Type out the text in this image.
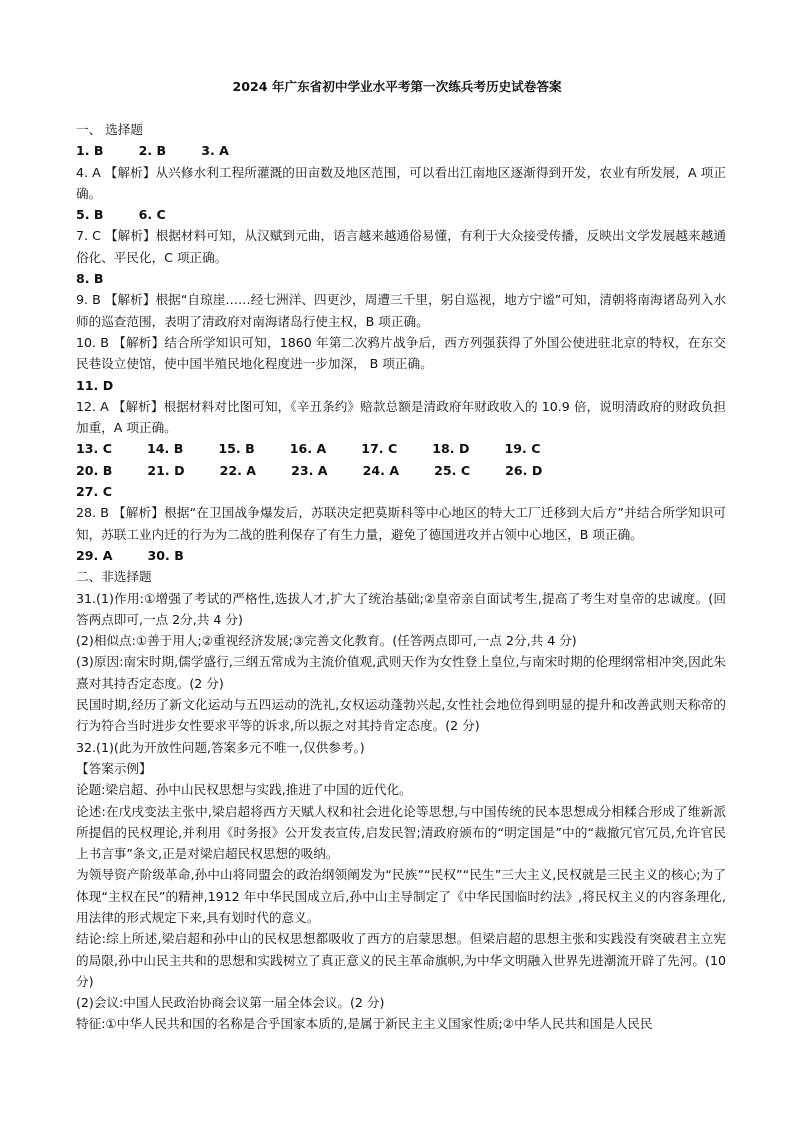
2024 年广东省初中学业水平考第一次练兵考历史试卷答案
一、 选择题
1. B        2. B        3. A

4. A 【解析】从兴修水利工程所灌溉的田亩数及地区范围，可以看出江南地区逐渐得到开发，农业有所发展，A 项正确。

5. B        6. C

7. C 【解析】根据材料可知，从汉赋到元曲，语言越来越通俗易懂，有利于大众接受传播，反映出文学发展越来越通俗化、平民化，C 项正确。

8. B

9. B 【解析】根据“自琼崖……经七洲洋、四更沙，周遭三千里，躬自巡视，地方宁谧”可知，清朝将南海诸岛列入水师的巡查范围，表明了清政府对南海诸岛行使主权，B 项正确。

10. B 【解析】结合所学知识可知，1860 年第二次鸦片战争后，西方列强获得了外国公使进驻北京的特权，在东交民巷设立使馆，使中国半殖民地化程度进一步加深， B 项正确。

11. D

12. A 【解析】根据材料对比图可知，《辛丑条约》赔款总额是清政府年财政收入的 10.9 倍，说明清政府的财政负担加重，A 项正确。

13. C        14. B        15. B        16. A        17. C        18. D        19. C
20. B        21. D        22. A        23. A        24. A        25. C        26. D
27. C

28. B 【解析】根据“在卫国战争爆发后，苏联决定把莫斯科等中心地区的特大工厂迁移到大后方”并结合所学知识可知，苏联工业内迁的行为为二战的胜利保存了有生力量，避免了德国进攻并占领中心地区，B 项正确。

29. A        30. B
二、非选择题

31.(1)作用:①增强了考试的严格性,选拔人才,扩大了统治基础;②皇帝亲自面试考生,提高了考生对皇帝的忠诚度。(回答两点即可,一点 2分,共 4 分)

(2)相似点:①善于用人;②重视经济发展;③完善文化教育。(任答两点即可,一点 2分,共 4 分)

(3)原因:南宋时期,儒学盛行,三纲五常成为主流价值观,武则天作为女性登上皇位,与南宋时期的伦理纲常相冲突,因此朱熹对其持否定态度。(2 分)

民国时期,经历了新文化运动与五四运动的洗礼,女权运动蓬勃兴起,女性社会地位得到明显的提升和改善武则天称帝的行为符合当时进步女性要求平等的诉求,所以振之对其持肯定态度。(2 分)

32.(1)(此为开放性问题,答案多元不唯一,仅供参考。)

【答案示例】

论题:梁启超、孙中山民权思想与实践,推进了中国的近代化。

论述:在戊戌变法主张中,梁启超将西方天赋人权和社会进化论等思想,与中国传统的民本思想成分相糅合形成了维新派所提倡的民权理论,并利用《时务报》公开发表宣传,启发民智;清政府颁布的“明定国是”中的“裁撤冗官冗员,允许官民上书言事”条文,正是对梁启超民权思想的吸纳。

为领导资产阶级革命,孙中山将同盟会的政治纲领阐发为“民族”“民权”“民生”三大主义,民权就是三民主义的核心;为了体现“主权在民”的精神,1912 年中华民国成立后,孙中山主导制定了《中华民国临时约法》,将民权主义的内容条理化,用法律的形式规定下来,具有划时代的意义。

结论:综上所述,梁启超和孙中山的民权思想都吸收了西方的启蒙思想。但梁启超的思想主张和实践没有突破君主立宪的局限,孙中山民主共和的思想和实践树立了真正意义的民主革命旗帜,为中华文明融入世界先进潮流开辟了先河。(10 分)

(2)会议:中国人民政治协商会议第一届全体会议。(2 分)

特征:①中华人民共和国的名称是合乎国家本质的,是属于新民主主义国家性质;②中华人民共和国是人民民
